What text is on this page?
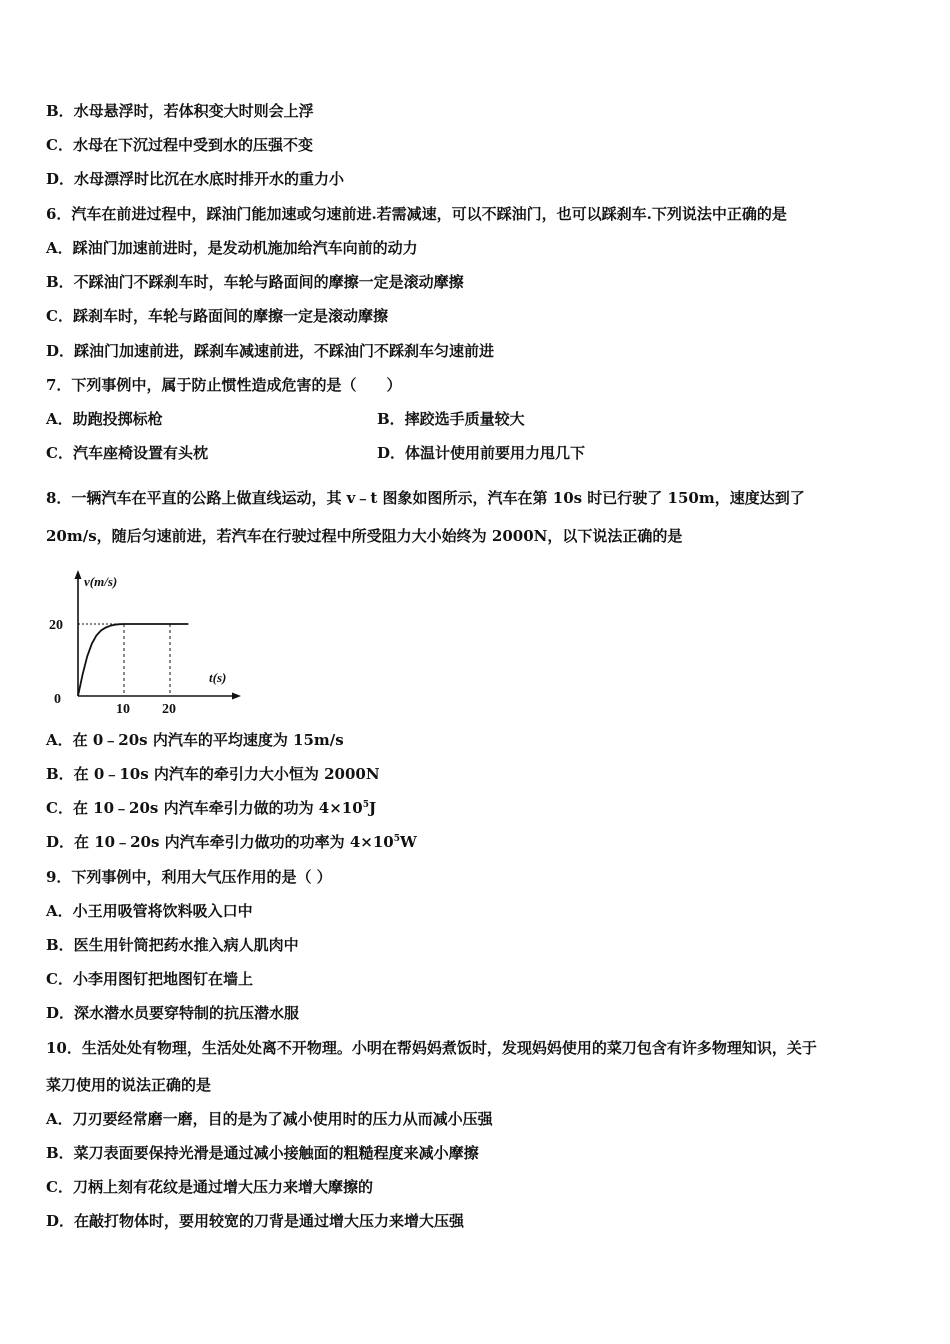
B．水母悬浮时，若体积变大时则会上浮
C．水母在下沉过程中受到水的压强不变
D．水母漂浮时比沉在水底时排开水的重力小
6．汽车在前进过程中，踩油门能加速或匀速前进.若需减速，可以不踩油门，也可以踩刹车.下列说法中正确的是
A．踩油门加速前进时，是发动机施加给汽车向前的动力
B．不踩油门不踩刹车时，车轮与路面间的摩擦一定是滚动摩擦
C．踩刹车时，车轮与路面间的摩擦一定是滚动摩擦
D．踩油门加速前进，踩刹车减速前进，不踩油门不踩刹车匀速前进
7．下列事例中，属于防止惯性造成危害的是（　　）
A．助跑投掷标枪	B．摔跤选手质量较大
C．汽车座椅设置有头枕	D．体温计使用前要用力甩几下
8．一辆汽车在平直的公路上做直线运动，其 v﹣t 图象如图所示，汽车在第 10s 时已行驶了 150m，速度达到了
20m/s，随后匀速前进，若汽车在行驶过程中所受阻力大小始终为 2000N，以下说法正确的是
v(m/s)
t(s)
0
20
10 20
A．在 0﹣20s 内汽车的平均速度为 15m/s
B．在 0﹣10s 内汽车的牵引力大小恒为 2000N
C．在 10﹣20s 内汽车牵引力做的功为 $4\times 10^5J$
D．在 10﹣20s 内汽车牵引力做功的功率为 $4\times 10^5W$
9．下列事例中，利用大气压作用的是（ ）
A．小王用吸管将饮料吸入口中
B．医生用针筒把药水推入病人肌肉中
C．小李用图钉把地图钉在墙上
D．深水潜水员要穿特制的抗压潜水服
10．生活处处有物理，生活处处离不开物理。小明在帮妈妈煮饭时，发现妈妈使用的菜刀包含有许多物理知识，关于
菜刀使用的说法正确的是
A．刀刃要经常磨一磨，目的是为了减小使用时的压力从而减小压强
B．菜刀表面要保持光滑是通过减小接触面的粗糙程度来减小摩擦
C．刀柄上刻有花纹是通过增大压力来增大摩擦的
D．在敲打物体时，要用较宽的刀背是通过增大压力来增大压强
